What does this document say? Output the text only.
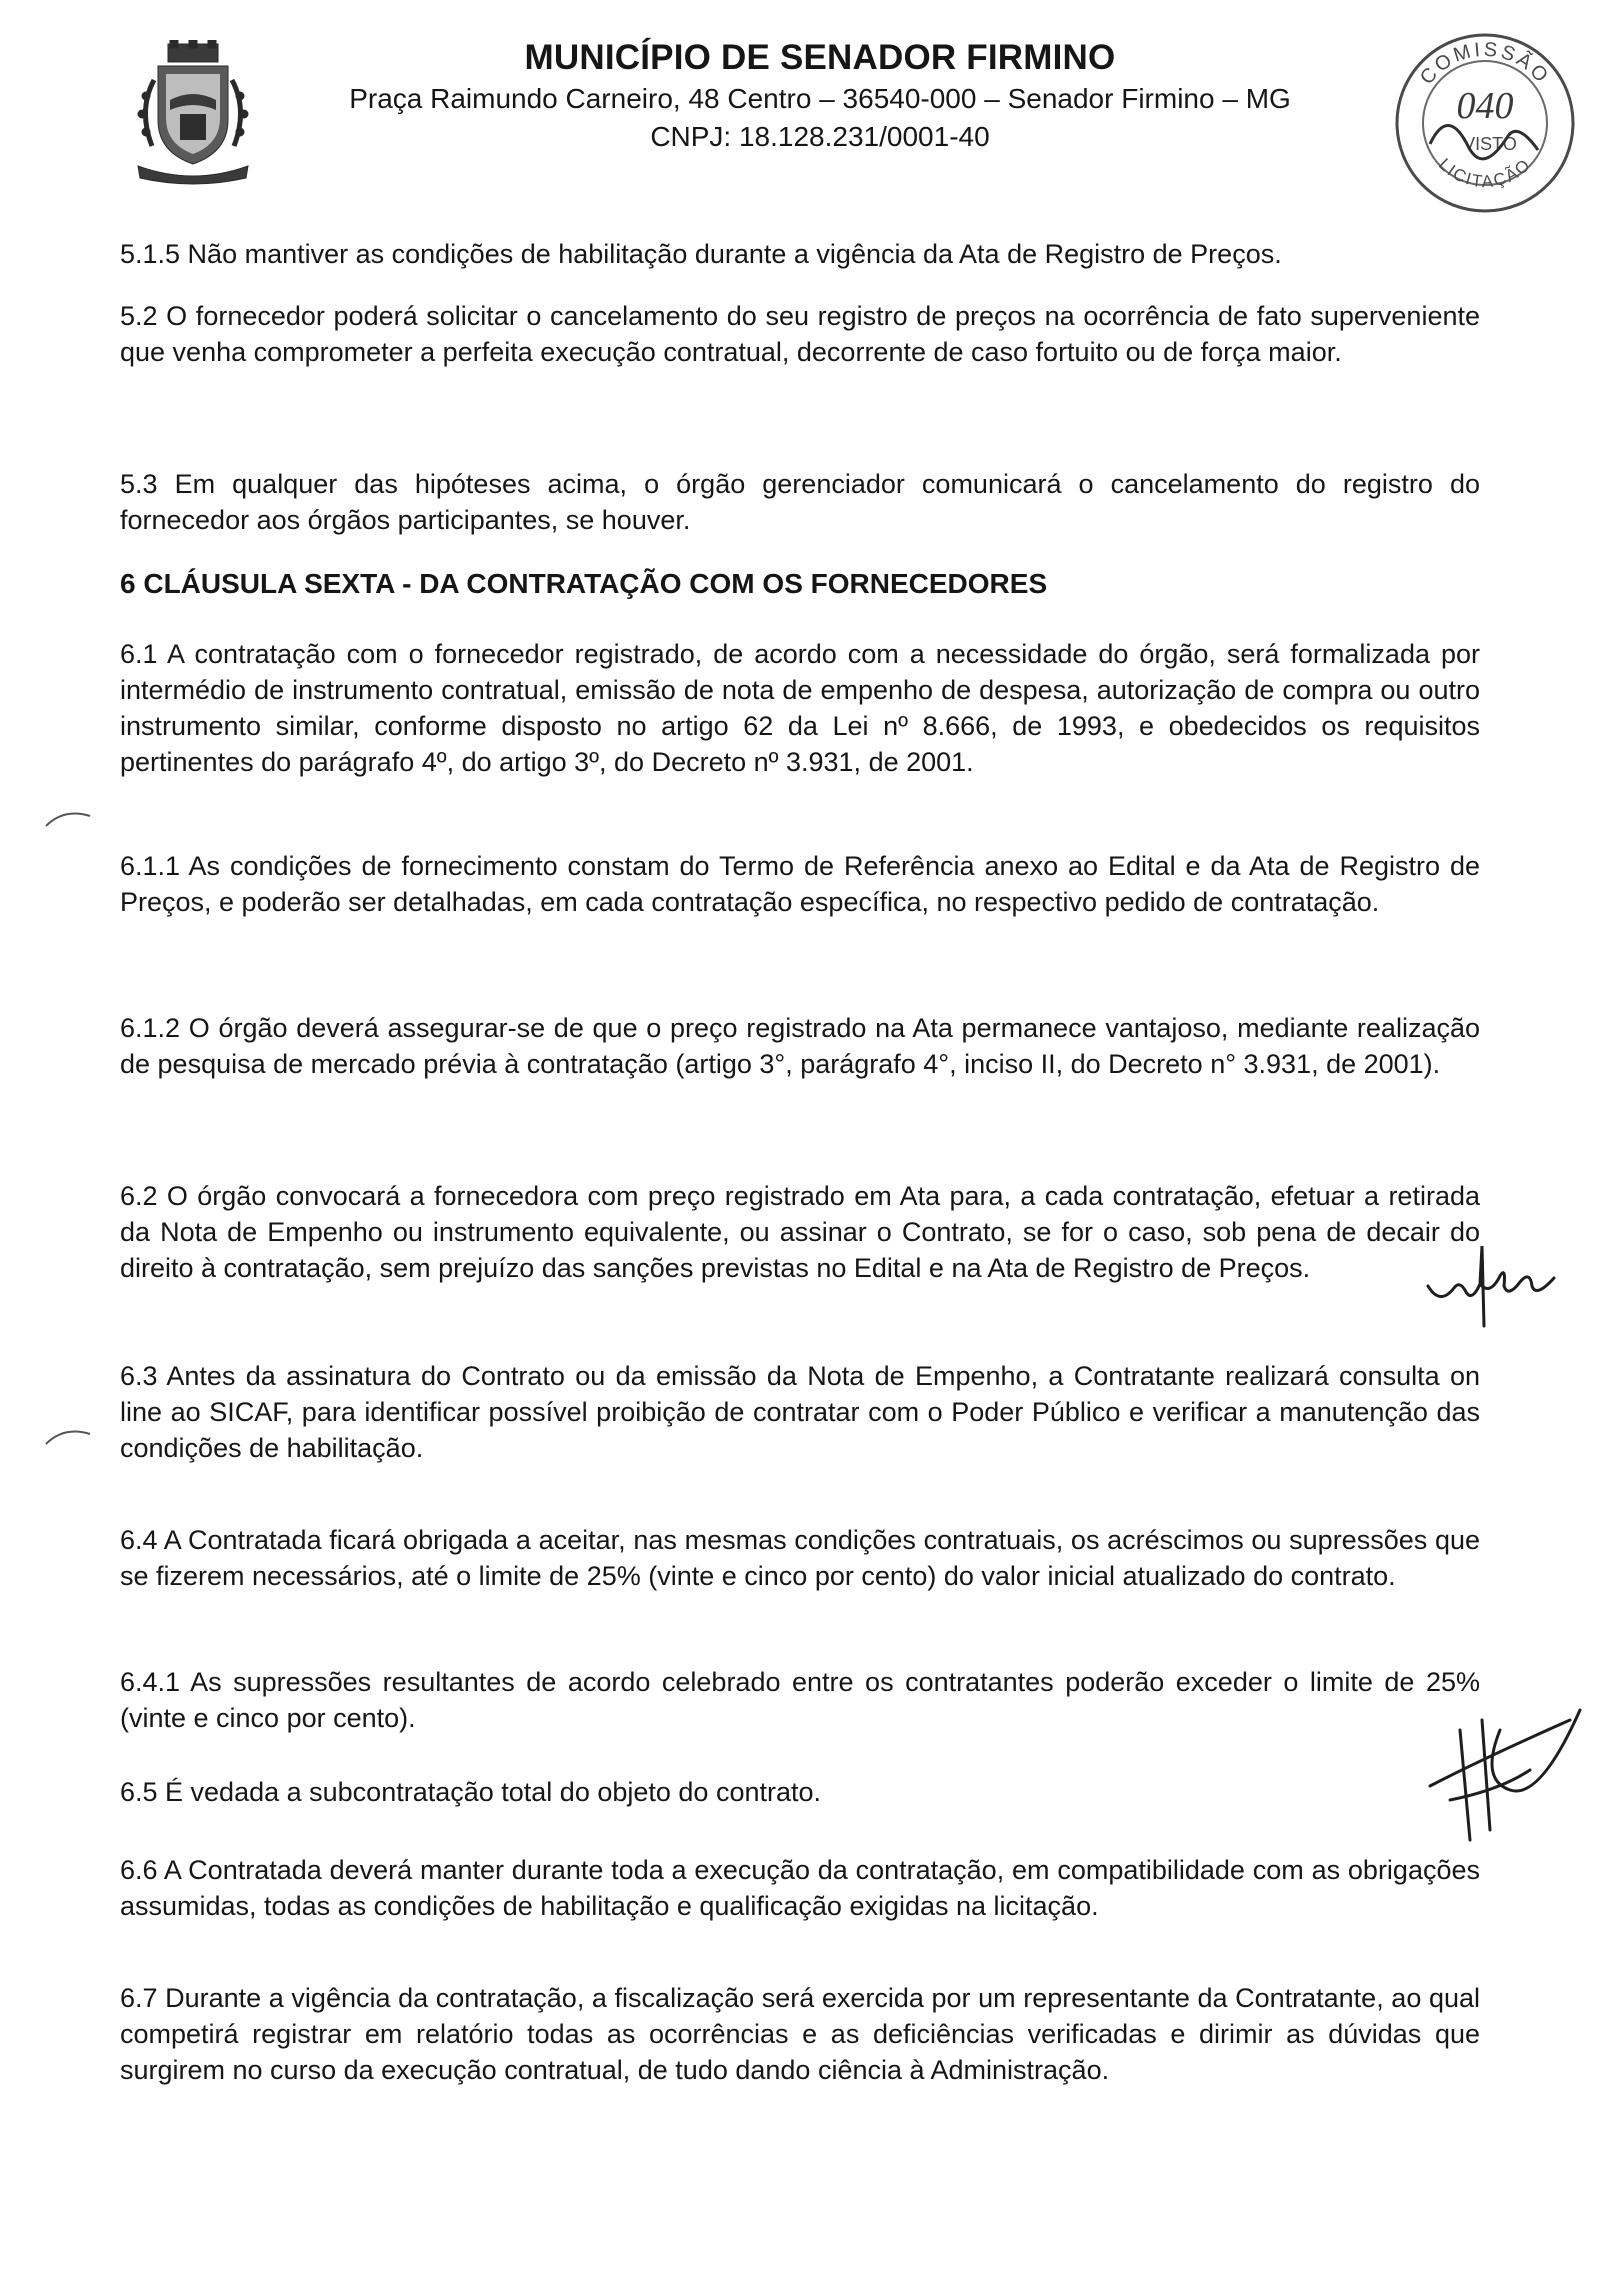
MUNICÍPIO DE SENADOR FIRMINO
Praça Raimundo Carneiro, 48 Centro – 36540-000 – Senador Firmino – MG
CNPJ: 18.128.231/0001-40
COMISSÃO
040
VISTO
LICITAÇÃO
5.1.5 Não mantiver as condições de habilitação durante a vigência da Ata de Registro de Preços.
5.2 O fornecedor poderá solicitar o cancelamento do seu registro de preços na ocorrência de fato superveniente que venha comprometer a perfeita execução contratual, decorrente de caso fortuito ou de força maior.
5.3 Em qualquer das hipóteses acima, o órgão gerenciador comunicará o cancelamento do registro do fornecedor aos órgãos participantes, se houver.
6 CLÁUSULA SEXTA - DA CONTRATAÇÃO COM OS FORNECEDORES
6.1 A contratação com o fornecedor registrado, de acordo com a necessidade do órgão, será formalizada por intermédio de instrumento contratual, emissão de nota de empenho de despesa, autorização de compra ou outro instrumento similar, conforme disposto no artigo 62 da Lei nº 8.666, de 1993, e obedecidos os requisitos pertinentes do parágrafo 4º, do artigo 3º, do Decreto nº 3.931, de 2001.
6.1.1 As condições de fornecimento constam do Termo de Referência anexo ao Edital e da Ata de Registro de Preços, e poderão ser detalhadas, em cada contratação específica, no respectivo pedido de contratação.
6.1.2 O órgão deverá assegurar-se de que o preço registrado na Ata permanece vantajoso, mediante realização de pesquisa de mercado prévia à contratação (artigo 3°, parágrafo 4°, inciso II, do Decreto n° 3.931, de 2001).
6.2 O órgão convocará a fornecedora com preço registrado em Ata para, a cada contratação, efetuar a retirada da Nota de Empenho ou instrumento equivalente, ou assinar o Contrato, se for o caso, sob pena de decair do direito à contratação, sem prejuízo das sanções previstas no Edital e na Ata de Registro de Preços.
6.3 Antes da assinatura do Contrato ou da emissão da Nota de Empenho, a Contratante realizará consulta on line ao SICAF, para identificar possível proibição de contratar com o Poder Público e verificar a manutenção das condições de habilitação.
6.4 A Contratada ficará obrigada a aceitar, nas mesmas condições contratuais, os acréscimos ou supressões que se fizerem necessários, até o limite de 25% (vinte e cinco por cento) do valor inicial atualizado do contrato.
6.4.1 As supressões resultantes de acordo celebrado entre os contratantes poderão exceder o limite de 25% (vinte e cinco por cento).
6.5 É vedada a subcontratação total do objeto do contrato.
6.6 A Contratada deverá manter durante toda a execução da contratação, em compatibilidade com as obrigações assumidas, todas as condições de habilitação e qualificação exigidas na licitação.
6.7 Durante a vigência da contratação, a fiscalização será exercida por um representante da Contratante, ao qual competirá registrar em relatório todas as ocorrências e as deficiências verificadas e dirimir as dúvidas que surgirem no curso da execução contratual, de tudo dando ciência à Administração.
